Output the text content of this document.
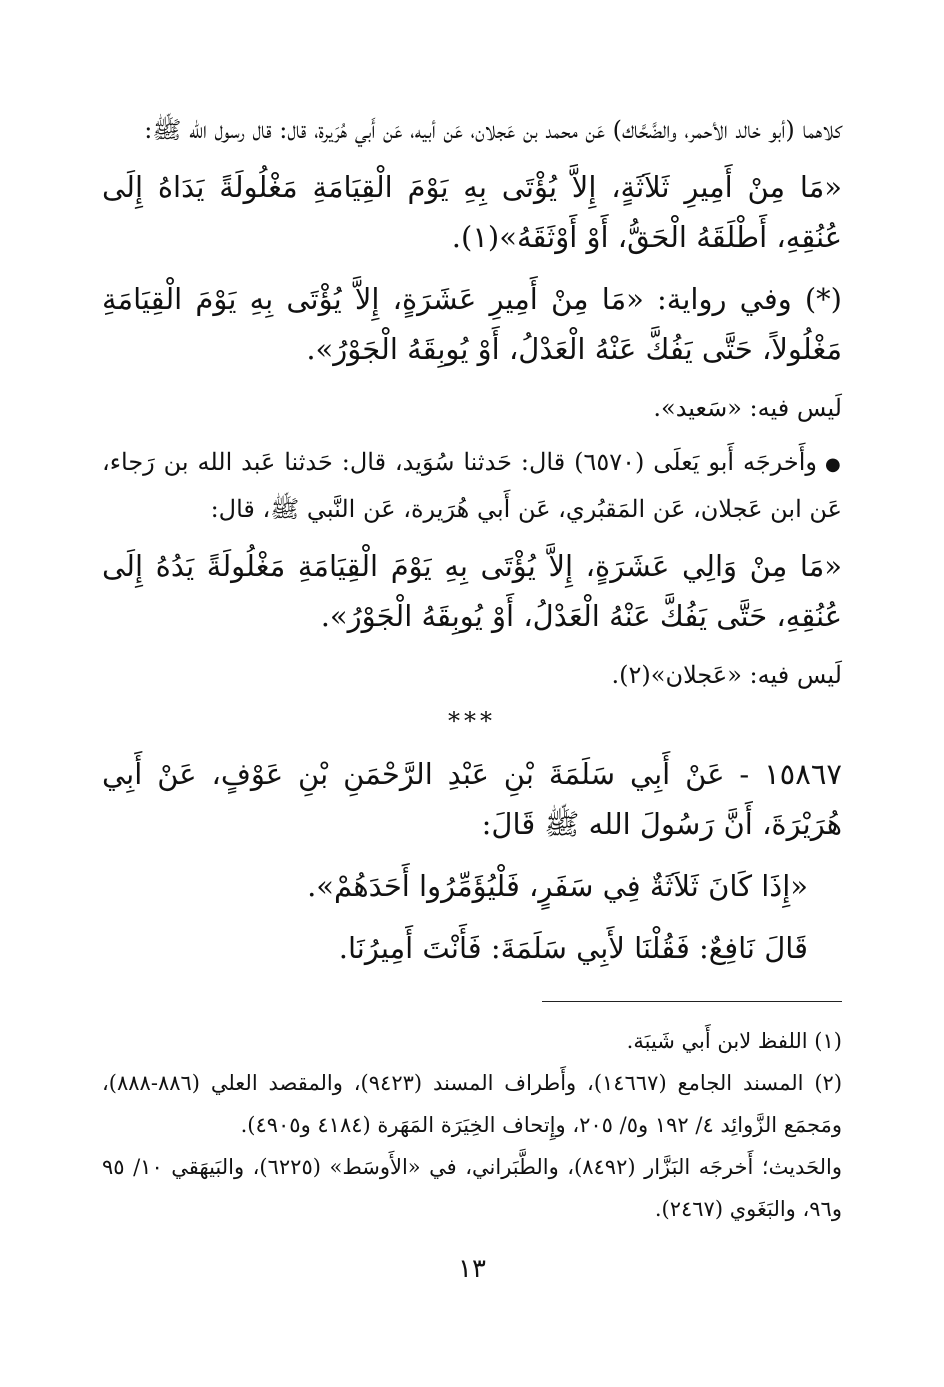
كلاهما (أبو خالد الأحمر، والضَّحَّاك) عَن محمد بن عَجلان، عَن أبيه، عَن أَبي هُرَيرة، قال: قال رسول الله ﷺ:

«مَا مِنْ أَمِيرِ ثَلاَثَةٍ، إِلاَّ يُؤْتَى بِهِ يَوْمَ الْقِيَامَةِ مَغْلُولَةً يَدَاهُ إِلَى عُنُقِهِ، أَطْلَقَهُ الْحَقُّ، أَوْ أَوْثَقَهُ»(١).

(*) وفي رواية: «مَا مِنْ أَمِيرِ عَشَرَةٍ، إِلاَّ يُؤْتَى بِهِ يَوْمَ الْقِيَامَةِ مَغْلُولاً، حَتَّى يَفُكَّ عَنْهُ الْعَدْلُ، أَوْ يُوبِقَهُ الْجَوْرُ».

لَيس فيه: «سَعيد».

●وأَخرجَه أَبو يَعلَى (٦٥٧٠) قال: حَدثنا سُوَيد، قال: حَدثنا عَبد الله بن رَجاء، عَن ابن عَجلان، عَن المَقبُري، عَن أَبي هُرَيرة، عَن النَّبي ﷺ، قال:

«مَا مِنْ وَالِي عَشَرَةٍ، إِلاَّ يُؤْتَى بِهِ يَوْمَ الْقِيَامَةِ مَغْلُولَةً يَدُهُ إِلَى عُنُقِهِ، حَتَّى يَفُكَّ عَنْهُ الْعَدْلُ، أَوْ يُوبِقَهُ الْجَوْرُ».

لَيس فيه: «عَجلان»(٢).

***

١٥٨٦٧ - عَنْ أَبِي سَلَمَةَ بْنِ عَبْدِ الرَّحْمَنِ بْنِ عَوْفٍ، عَنْ أَبِي هُرَيْرَةَ، أَنَّ رَسُولَ الله ﷺ قَالَ:

«إِذَا كَانَ ثَلاَثَةٌ فِي سَفَرٍ، فَلْيُؤَمِّرُوا أَحَدَهُمْ».

قَالَ نَافِعٌ: فَقُلْنَا لأَبِي سَلَمَةَ: فَأَنْتَ أَمِيرُنَا.

(١) اللفظ لابن أَبي شَيبَة.

(٢) المسند الجامع (١٤٦٦٧)، وأَطراف المسند (٩٤٢٣)، والمقصد العلي (٨٨٦-٨٨٨)، ومَجمَع الزَّوائِد ٤/ ١٩٢ و٥/ ٢٠٥، وإِتحاف الخِيَرَة المَهَرة (٤١٨٤ و٤٩٠٥).

والحَديث؛ أَخرجَه البَزَّار (٨٤٩٢)، والطَّبَراني، في «الأَوسَط» (٦٢٢٥)، والبَيهَقي ١٠/ ٩٥ و٩٦، والبَغَوي (٢٤٦٧).

١٣
